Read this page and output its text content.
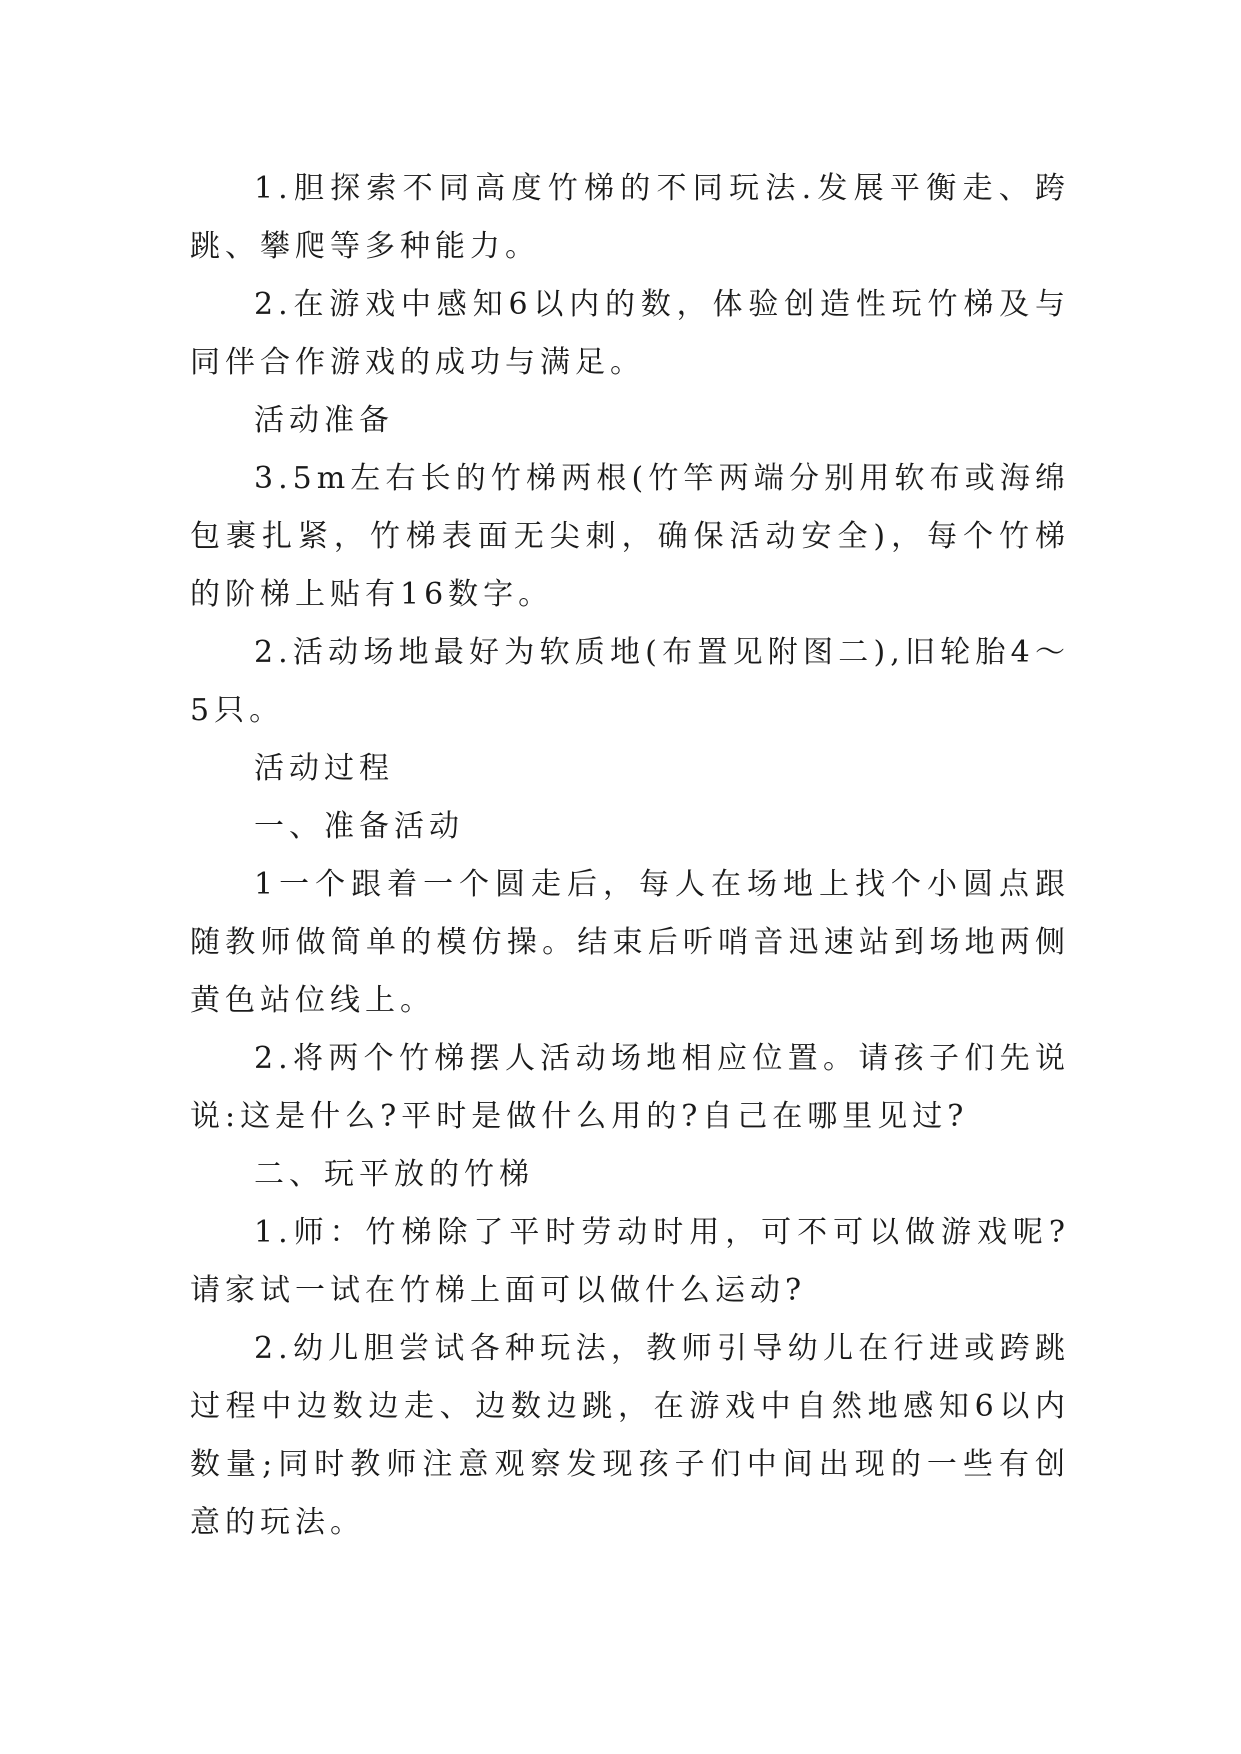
1.胆探索不同高度竹梯的不同玩法.发展平衡走、跨跳、攀爬等多种能力。

2.在游戏中感知6以内的数，体验创造性玩竹梯及与同伴合作游戏的成功与满足。

活动准备

3.5m左右长的竹梯两根(竹竿两端分别用软布或海绵包裹扎紧，竹梯表面无尖刺，确保活动安全)，每个竹梯的阶梯上贴有16数字。

2.活动场地最好为软质地(布置见附图二),旧轮胎4～5只。

活动过程

一、准备活动

1一个跟着一个圆走后，每人在场地上找个小圆点跟随教师做简单的模仿操。结束后听哨音迅速站到场地两侧黄色站位线上。

2.将两个竹梯摆人活动场地相应位置。请孩子们先说说:这是什么?平时是做什么用的?自己在哪里见过?

二、玩平放的竹梯

1.师：竹梯除了平时劳动时用，可不可以做游戏呢?请家试一试在竹梯上面可以做什么运动?

2.幼儿胆尝试各种玩法，教师引导幼儿在行进或跨跳过程中边数边走、边数边跳，在游戏中自然地感知6以内数量;同时教师注意观察发现孩子们中间出现的一些有创意的玩法。
